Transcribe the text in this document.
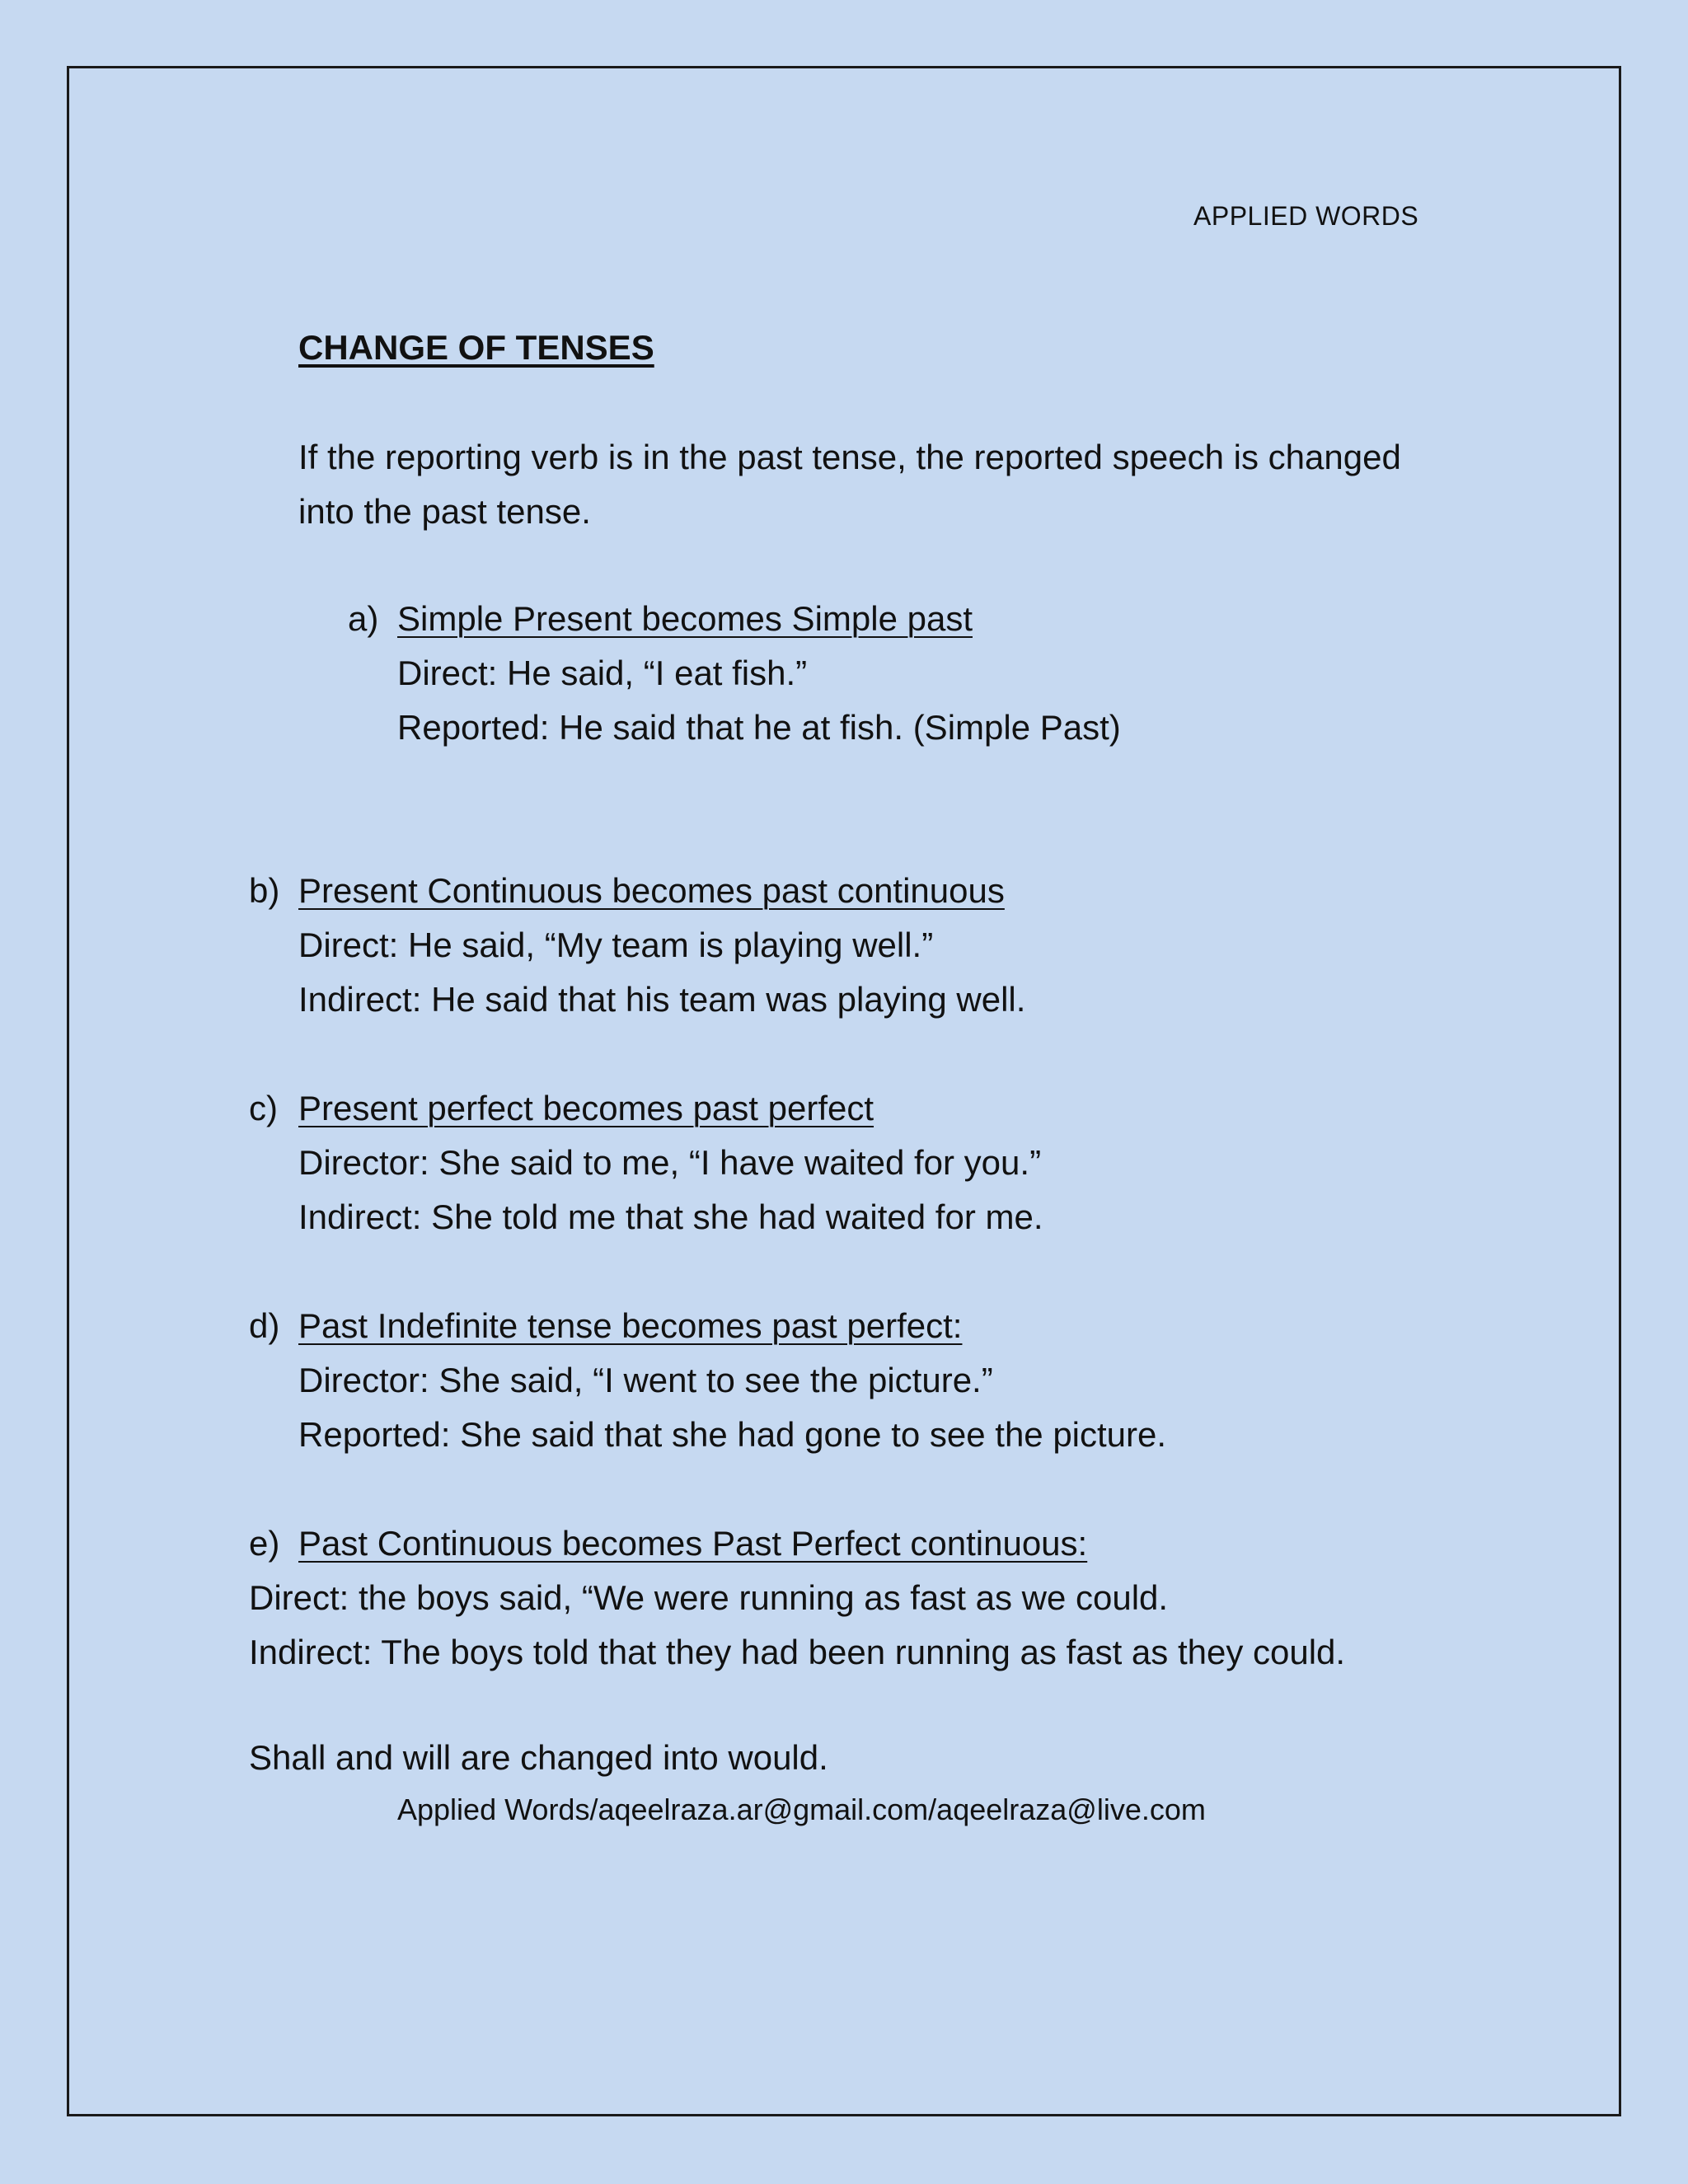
APPLIED WORDS
CHANGE OF TENSES
If the reporting verb is in the past tense, the reported speech is changed
into the past tense.
a) Simple Present becomes Simple past
Direct: He said, “I eat fish.”
Reported: He said that he at fish. (Simple Past)
b) Present Continuous becomes past continuous
Direct: He said, “My team is playing well.”
Indirect: He said that his team was playing well.
c) Present perfect becomes past perfect
Director: She said to me, “I have waited for you.”
Indirect: She told me that she had waited for me.
d) Past Indefinite tense becomes past perfect:
Director: She said, “I went to see the picture.”
Reported: She said that she had gone to see the picture.
e) Past Continuous becomes Past Perfect continuous:
Direct: the boys said, “We were running as fast as we could.
Indirect: The boys told that they had been running as fast as they could.
Shall and will are changed into would.
Applied Words/aqeelraza.ar@gmail.com/aqeelraza@live.com
